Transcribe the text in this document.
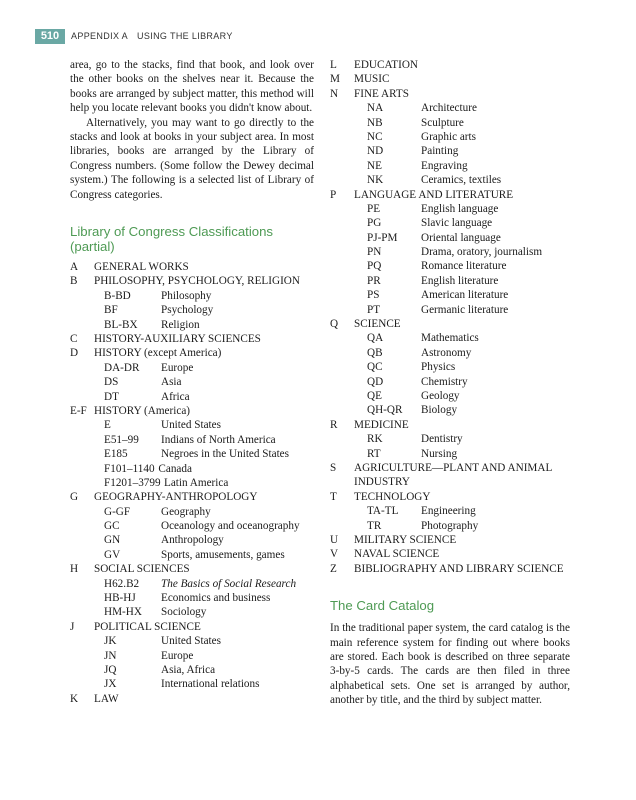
510	APPENDIX A USING THE LIBRARY

area, go to the stacks, find that book, and look over the other books on the shelves near it. Because the books are arranged by subject matter, this method will help you locate relevant books you didn't know about.

Alternatively, you may want to go directly to the stacks and look at books in your subject area. In most libraries, books are arranged by the Library of Congress numbers. (Some follow the Dewey decimal system.) The following is a selected list of Library of Congress categories.

Library of Congress Classifications (partial)
A	GENERAL WORKS
B	PHILOSOPHY, PSYCHOLOGY, RELIGION
B-BD	Philosophy
BF	Psychology
BL-BX Religion
C	HISTORY-AUXILIARY SCIENCES
D	HISTORY (except America)
DA-DR Europe
DS	Asia
DT	Africa
E-F HISTORY (America)
E	United States
E51–99 Indians of North America
E185	Negroes in the United States
F101–1140 Canada
F1201–3799 Latin America
G	GEOGRAPHY-ANTHROPOLOGY
G-GF	Geography
GC	Oceanology and oceanography
GN	Anthropology
GV	Sports, amusements, games
H	SOCIAL SCIENCES
H62.B2 The Basics of Social Research
HB-HJ Economics and business
HM-HX Sociology
J	POLITICAL SCIENCE
JK	United States
JN	Europe
JQ	Asia, Africa
JX	International relations
K	LAW
L	EDUCATION
M	MUSIC
N	FINE ARTS
NA	Architecture
NB	Sculpture
NC	Graphic arts
ND	Painting
NE	Engraving
NK	Ceramics, textiles
P	LANGUAGE AND LITERATURE
PE	English language
PG	Slavic language
PJ-PM Oriental language
PN	Drama, oratory, journalism
PQ	Romance literature
PR	English literature
PS	American literature
PT	Germanic literature
Q	SCIENCE
QA	Mathematics
QB	Astronomy
QC	Physics
QD	Chemistry
QE	Geology
QH-QR Biology
R	MEDICINE
RK	Dentistry
RT	Nursing
S	AGRICULTURE—PLANT AND ANIMAL INDUSTRY
T	TECHNOLOGY
TA-TL Engineering
TR	Photography
U	MILITARY SCIENCE
V	NAVAL SCIENCE
Z	BIBLIOGRAPHY AND LIBRARY SCIENCE
The Card Catalog

In the traditional paper system, the card catalog is the main reference system for finding out where books are stored. Each book is described on three separate 3-by-5 cards. The cards are then filed in three alphabetical sets. One set is arranged by author, another by title, and the third by subject matter.
